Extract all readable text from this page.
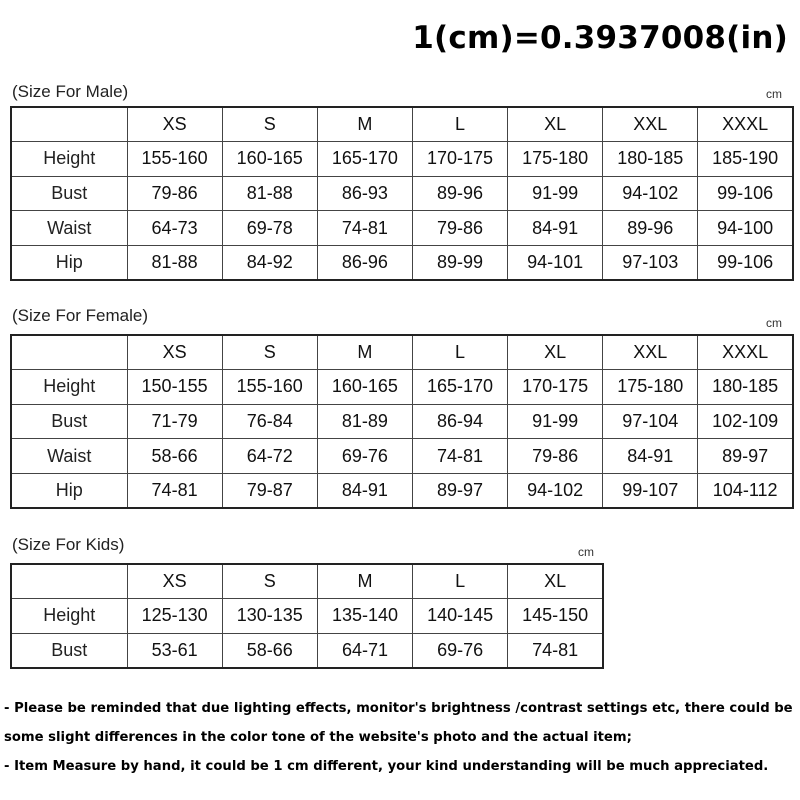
1(cm)=0.3937008(in)
(Size For Male)	cm
	XS	S	M	L	XL	XXL	XXXL
Height	155-160	160-165	165-170	170-175	175-180	180-185	185-190
Bust	79-86	81-88	86-93	89-96	91-99	94-102	99-106
Waist	64-73	69-78	74-81	79-86	84-91	89-96	94-100
Hip	81-88	84-92	86-96	89-99	94-101	97-103	99-106
(Size For Female)	cm
	XS	S	M	L	XL	XXL	XXXL
Height	150-155	155-160	160-165	165-170	170-175	175-180	180-185
Bust	71-79	76-84	81-89	86-94	91-99	97-104	102-109
Waist	58-66	64-72	69-76	74-81	79-86	84-91	89-97
Hip	74-81	79-87	84-91	89-97	94-102	99-107	104-112
(Size For Kids)	cm
	XS	S	M	L	XL
Height	125-130	130-135	135-140	140-145	145-150
Bust	53-61	58-66	64-71	69-76	74-81

- Please be reminded that due lighting effects, monitor's brightness /contrast settings etc, there could be

some slight differences in the color tone of the website's photo and the actual item;

- Item Measure by hand, it could be 1 cm different, your kind understanding will be much appreciated.
